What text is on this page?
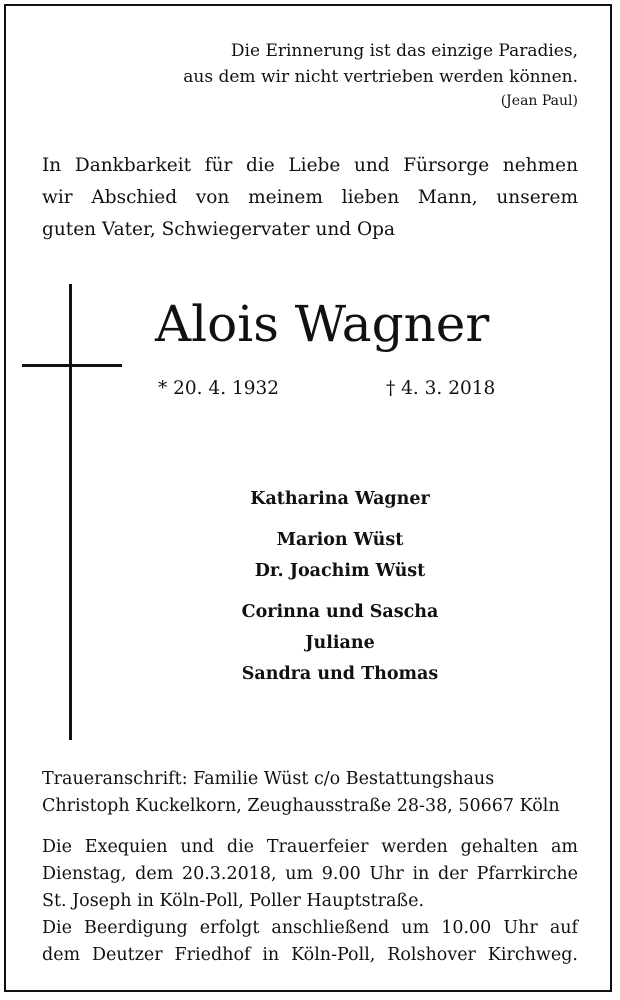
Die Erinnerung ist das einzige Paradies,
aus dem wir nicht vertrieben werden können.
(Jean Paul)
In Dankbarkeit für die Liebe und Fürsorge nehmen
wir Abschied von meinem lieben Mann, unserem
guten Vater, Schwiegervater und Opa
Alois Wagner
* 20. 4. 1932	† 4. 3. 2018
Katharina Wagner
Marion Wüst
Dr. Joachim Wüst
Corinna und Sascha
Juliane
Sandra und Thomas
Traueranschrift: Familie Wüst c/o Bestattungshaus
Christoph Kuckelkorn, Zeughausstraße 28-38, 50667 Köln
Die Exequien und die Trauerfeier werden gehalten am
Dienstag, dem 20.3.2018, um 9.00 Uhr in der Pfarrkirche
St. Joseph in Köln-Poll, Poller Hauptstraße.
Die Beerdigung erfolgt anschließend um 10.00 Uhr auf
dem Deutzer Friedhof in Köln-Poll, Rolshover Kirchweg.
